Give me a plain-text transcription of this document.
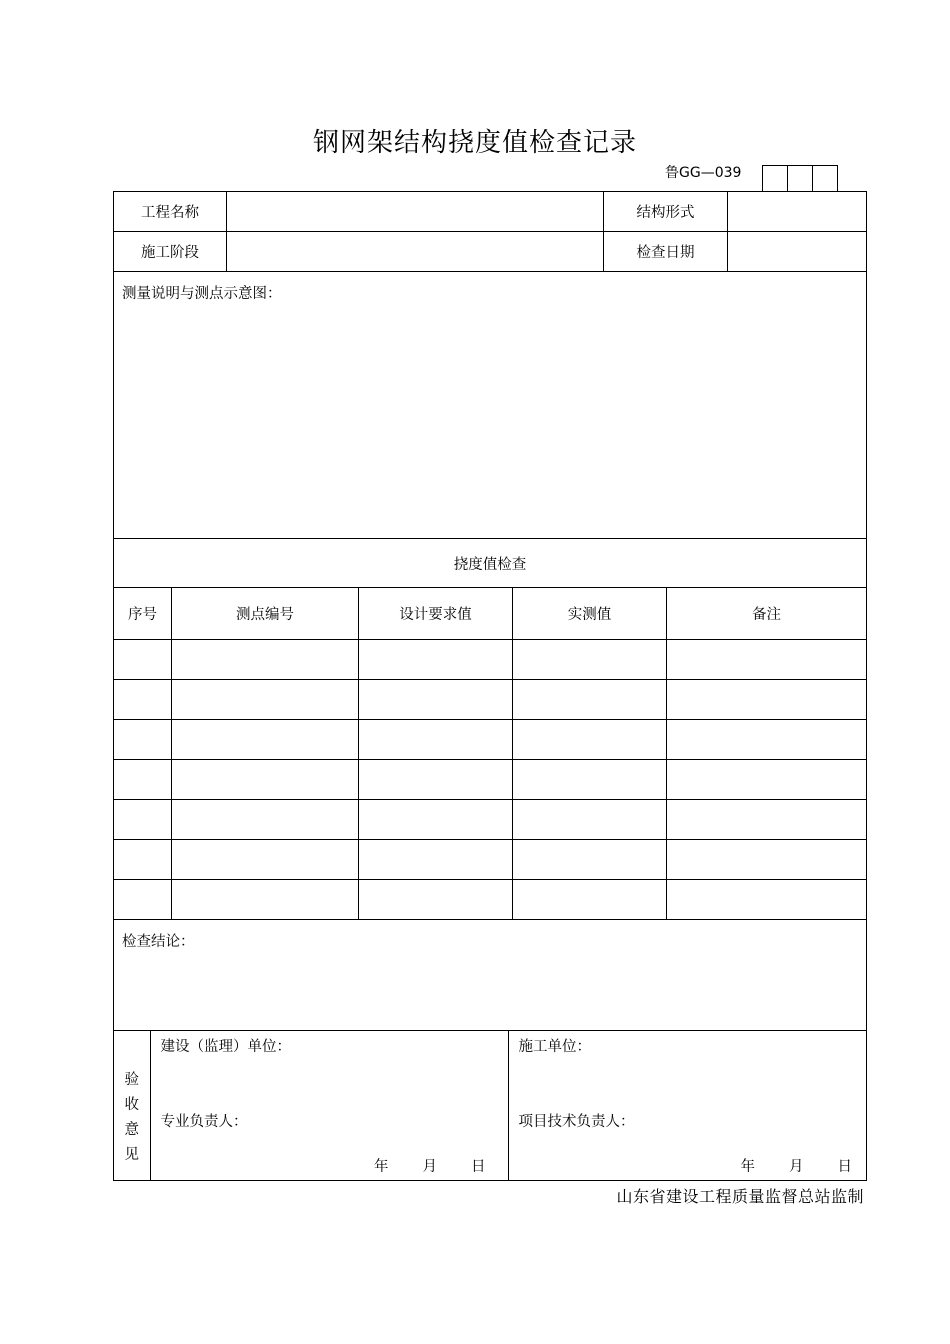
钢网架结构挠度值检查记录
鲁GG—039
工程名称		结构形式	
施工阶段		检查日期	
测量说明与测点示意图：
挠度值检查
序号	测点编号	设计要求值	实测值	备注

检查结论：

验
收
意
见

建设（监理）单位：
专业负责人：
年 月 日

施工单位：
项目技术负责人：
年 月 日
山东省建设工程质量监督总站监制
